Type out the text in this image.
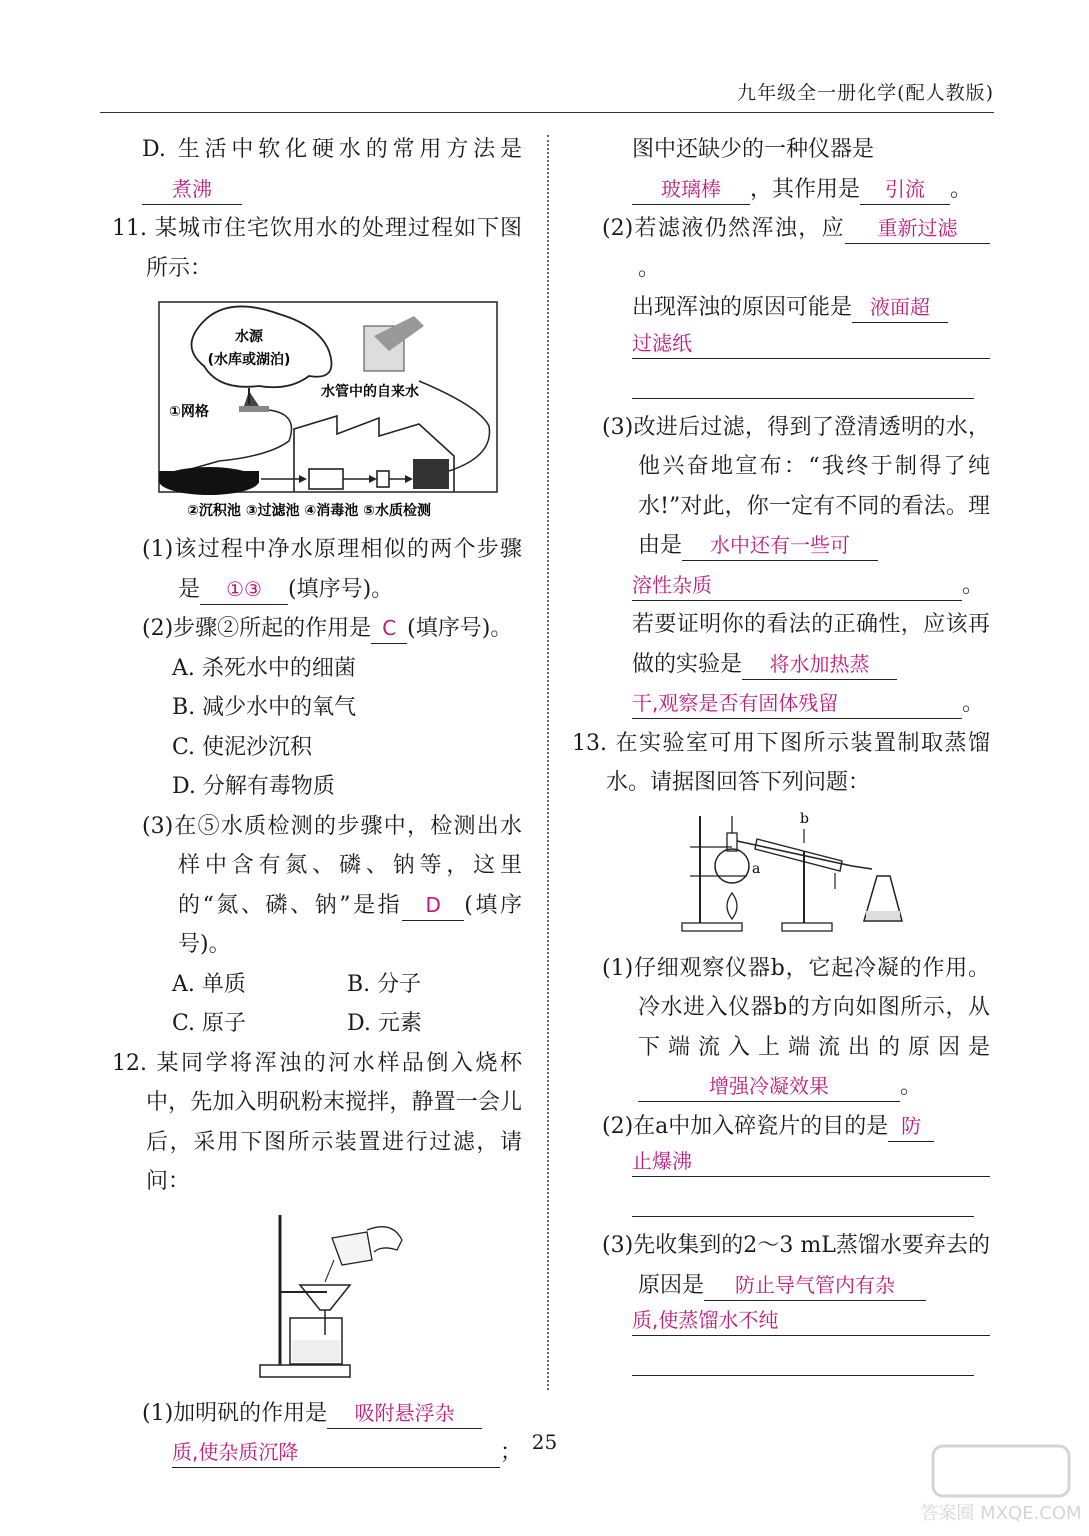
九年级全一册化学(配人教版)

D. 生活中软化硬水的常用方法是煮沸

11. 某城市住宅饮用水的处理过程如下图所示：

水源
(水库或湖泊)
①网格
水管中的自来水
②沉积池 ③过滤池 ④消毒池 ⑤水质检测

(1)该过程中净水原理相似的两个步骤是 ①③ (填序号)。

(2)步骤②所起的作用是 C (填序号)。

A. 杀死水中的细菌

B. 减少水中的氧气

C. 使泥沙沉积

D. 分解有毒物质

(3)在⑤水质检测的步骤中，检测出水样中含有氮、磷、钠等，这里的“氮、磷、钠”是指 D (填序号)。

A. 单质	B. 分子
C. 原子	D. 元素

12. 某同学将浑浊的河水样品倒入烧杯中，先加入明矾粉末搅拌，静置一会儿后，采用下图所示装置进行过滤，请问：

(1)加明矾的作用是 吸附悬浮杂

质,使杂质沉降	；

图中还缺少的一种仪器是

玻璃棒 ，其作用是 引流 。

(2)若滤液仍然浑浊，应 重新过滤。

出现浑浊的原因可能是 液面超

过滤纸

(3)改进后过滤，得到了澄清透明的水，他兴奋地宣布：“我终于制得了纯水!”对此，你一定有不同的看法。理由是 水中还有一些可

溶性杂质	。

若要证明你的看法的正确性，应该再做的实验是 将水加热蒸

干,观察是否有固体残留	。

13. 在实验室可用下图所示装置制取蒸馏水。请据图回答下列问题：

a
b

(1)仔细观察仪器b，它起冷凝的作用。冷水进入仪器b的方向如图所示，从下端流入上端流出的原因是增强冷凝效果	。

(2)在a中加入碎瓷片的目的是 防

止爆沸

(3)先收集到的2～3 mL蒸馏水要弃去的原因是 防止导气管内有杂

质,使蒸馏水不纯
25
答案圈 MXQE.COM
